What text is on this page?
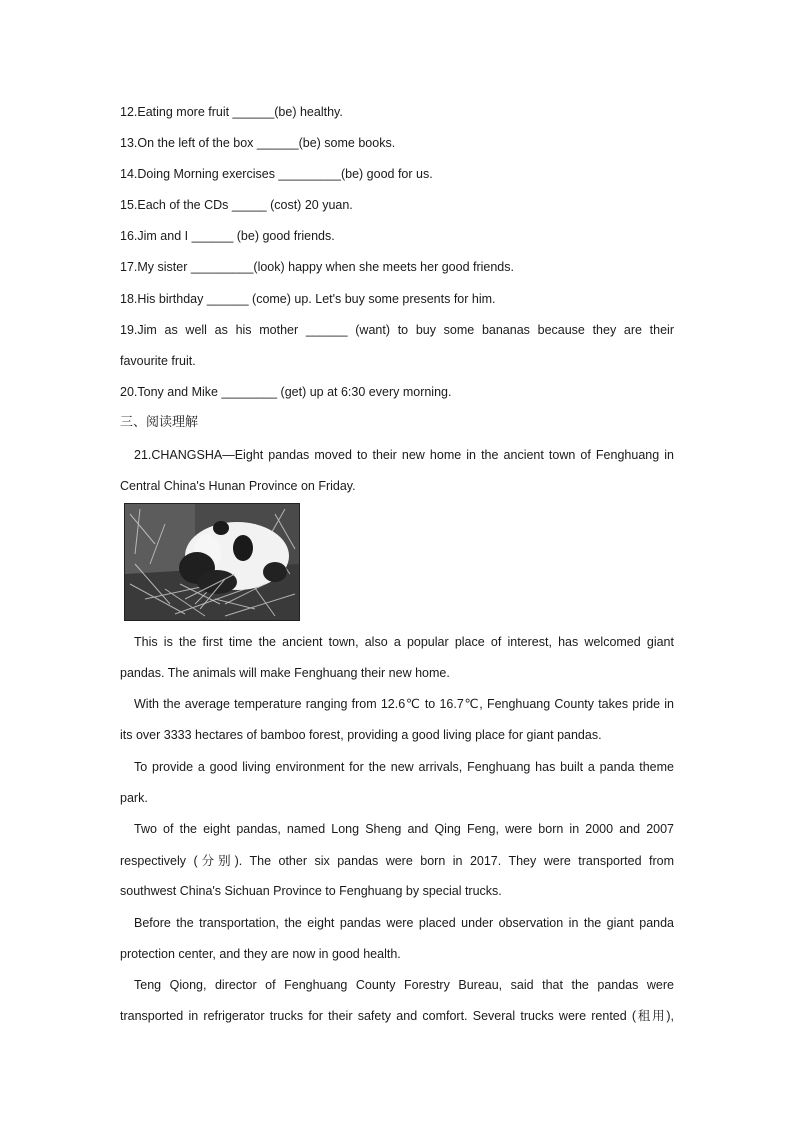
12.Eating more fruit ______(be) healthy.
13.On the left of the box ______(be) some books.
14.Doing Morning exercises _________(be) good for us.
15.Each of the CDs _____ (cost) 20 yuan.
16.Jim and I ______ (be) good friends.
17.My sister _________(look) happy when she meets her good friends.
18.His birthday ______ (come) up. Let's buy some presents for him.
19.Jim as well as his mother ______ (want) to buy some bananas because they are their
favourite fruit.
20.Tony and Mike ________ (get) up at 6:30 every morning.
三、阅读理解
21.CHANGSHA—Eight pandas moved to their new home in the ancient town of Fenghuang in
Central China's Hunan Province on Friday.
This is the first time the ancient town, also a popular place of interest, has welcomed giant
pandas. The animals will make Fenghuang their new home.
With the average temperature ranging from 12.6℃ to 16.7℃, Fenghuang County takes pride in
its over 3333 hectares of bamboo forest, providing a good living place for giant pandas.
To provide a good living environment for the new arrivals, Fenghuang has built a panda theme
park.
Two of the eight pandas, named Long Sheng and Qing Feng, were born in 2000 and 2007
respectively (分别). The other six pandas were born in 2017. They were transported from
southwest China's Sichuan Province to Fenghuang by special trucks.
Before the transportation, the eight pandas were placed under observation in the giant panda
protection center, and they are now in good health.
Teng Qiong, director of Fenghuang County Forestry Bureau, said that the pandas were
transported in refrigerator trucks for their safety and comfort. Several trucks were rented (租用),
